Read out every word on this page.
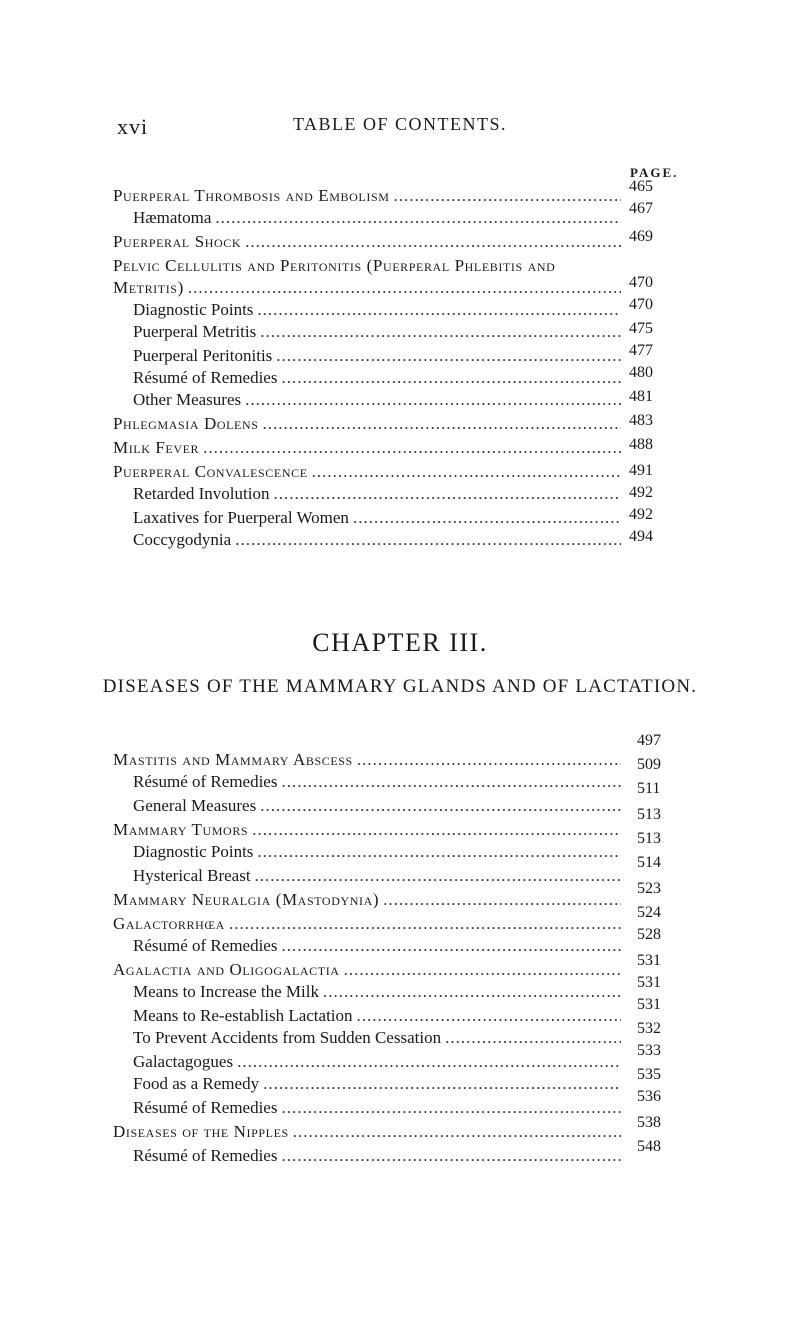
xvi	TABLE OF CONTENTS.
PAGE.
Puerperal Thrombosis and Embolism
.....
Hæmatoma
.....
Puerperal Shock
.....
Pelvic Cellulitis and Peritonitis (Puerperal Phlebitis and
Metritis)
.....
Diagnostic Points
.....
Puerperal Metritis
.....
Puerperal Peritonitis
.....
Résumé of Remedies
.....
Other Measures
.....
Phlegmasia Dolens
.....
Milk Fever
.....
Puerperal Convalescence
.....
Retarded Involution
.....
Laxatives for Puerperal Women
.....
Coccygodynia
.....
465
467
469
470
470
475
477
480
481
483
488
491
492
492
494
Mastitis and Mammary Abscess
.....
Résumé of Remedies
.....
General Measures
.....
Mammary Tumors
.....
Diagnostic Points
.....
Hysterical Breast
.....
Mammary Neuralgia (Mastodynia)
.....
Galactorrhœa
.....
Résumé of Remedies
.....
Agalactia and Oligogalactia
.....
Means to Increase the Milk
.....
Means to Re-establish Lactation
.....
To Prevent Accidents from Sudden Cessation
.....
Galactagogues
.....
Food as a Remedy
.....
Résumé of Remedies
.....
Diseases of the Nipples
.....
Résumé of Remedies
.....
497
509
511
513
513
514
523
524
528
531
531
531
532
533
535
536
538
548
CHAPTER III.
DISEASES OF THE MAMMARY GLANDS AND OF LACTATION.
